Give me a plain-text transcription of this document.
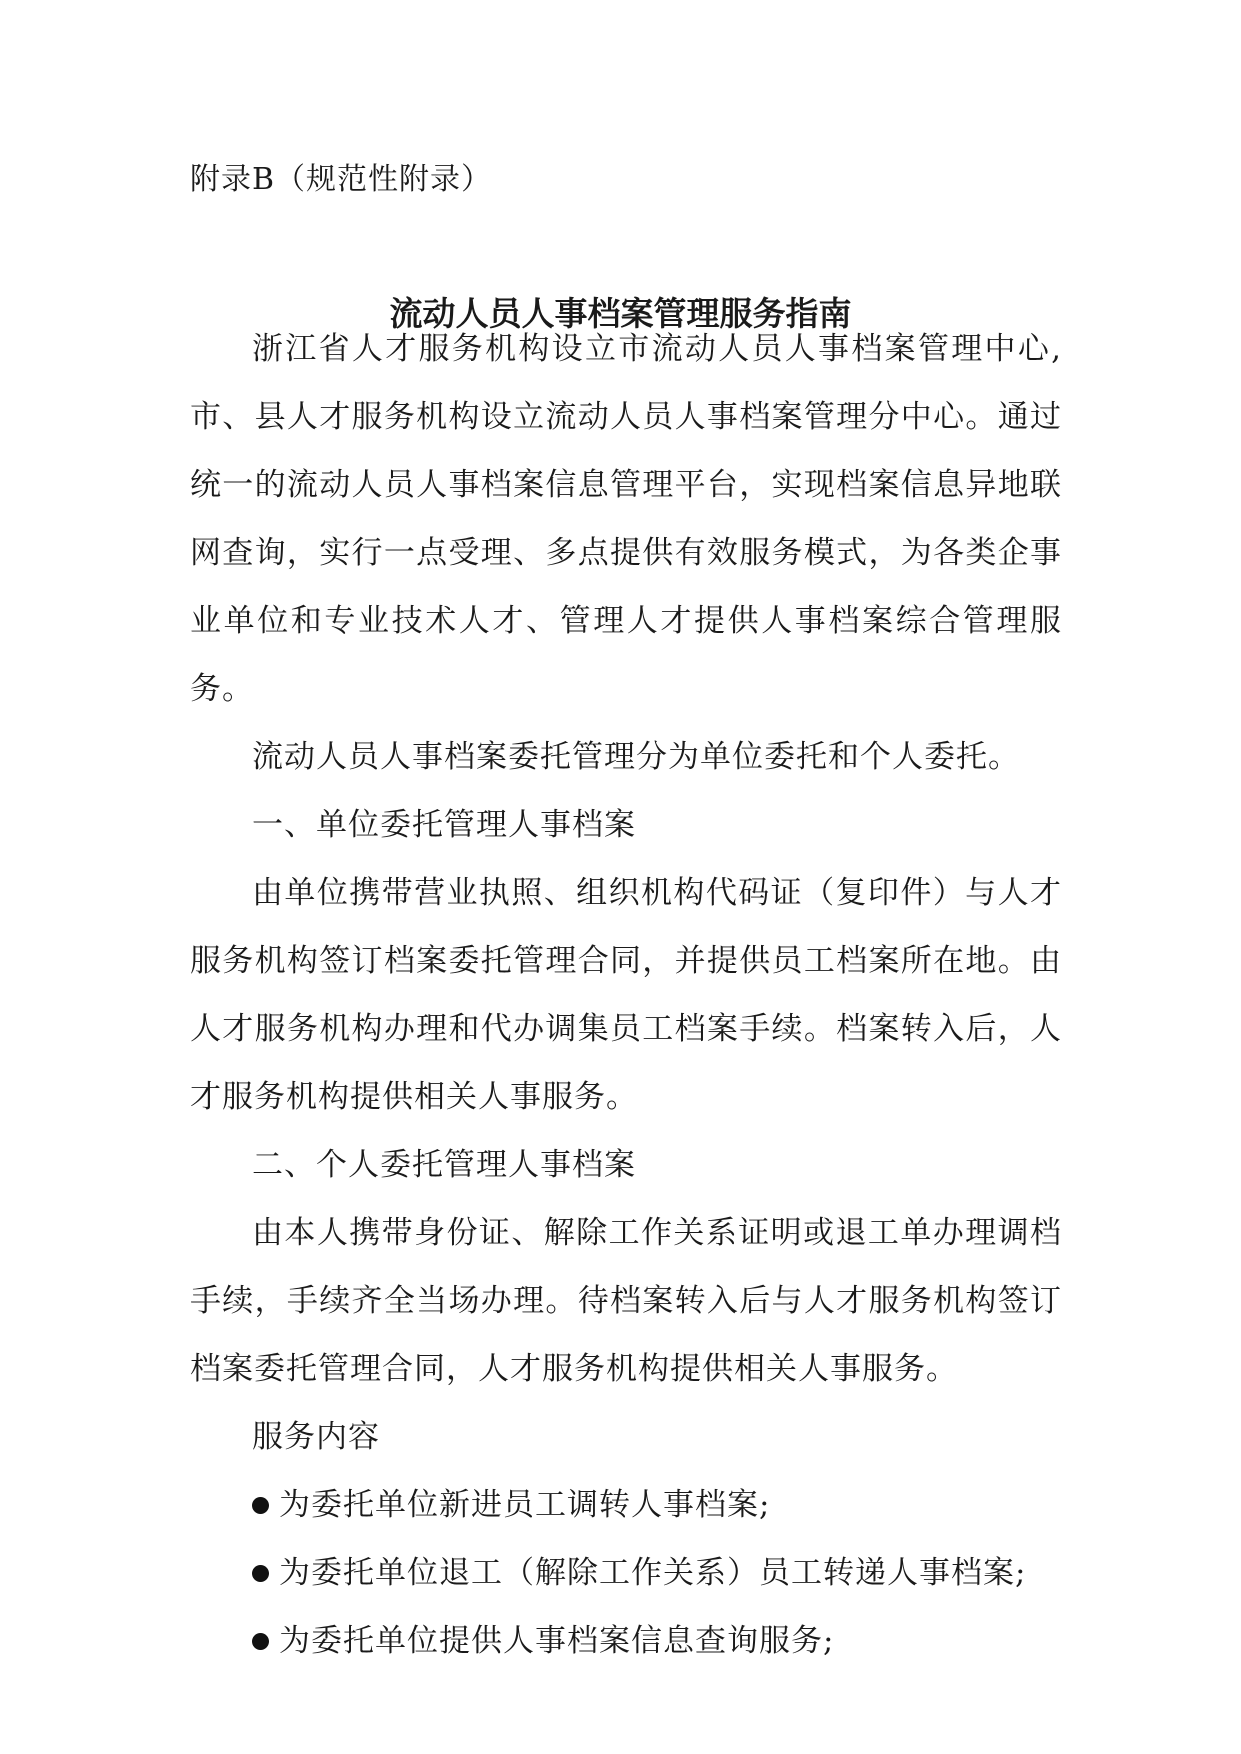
附录B（规范性附录）
流动人员人事档案管理服务指南

浙江省人才服务机构设立市流动人员人事档案管理中心,市、县人才服务机构设立流动人员人事档案管理分中心。通过统一的流动人员人事档案信息管理平台，实现档案信息异地联网查询，实行一点受理、多点提供有效服务模式，为各类企事业单位和专业技术人才、管理人才提供人事档案综合管理服务。

流动人员人事档案委托管理分为单位委托和个人委托。

一、单位委托管理人事档案

由单位携带营业执照、组织机构代码证（复印件）与人才服务机构签订档案委托管理合同，并提供员工档案所在地。由人才服务机构办理和代办调集员工档案手续。档案转入后，人才服务机构提供相关人事服务。

二、个人委托管理人事档案

由本人携带身份证、解除工作关系证明或退工单办理调档手续，手续齐全当场办理。待档案转入后与人才服务机构签订档案委托管理合同，人才服务机构提供相关人事服务。

服务内容

为委托单位新进员工调转人事档案;
为委托单位退工（解除工作关系）员工转递人事档案;
为委托单位提供人事档案信息查询服务;
